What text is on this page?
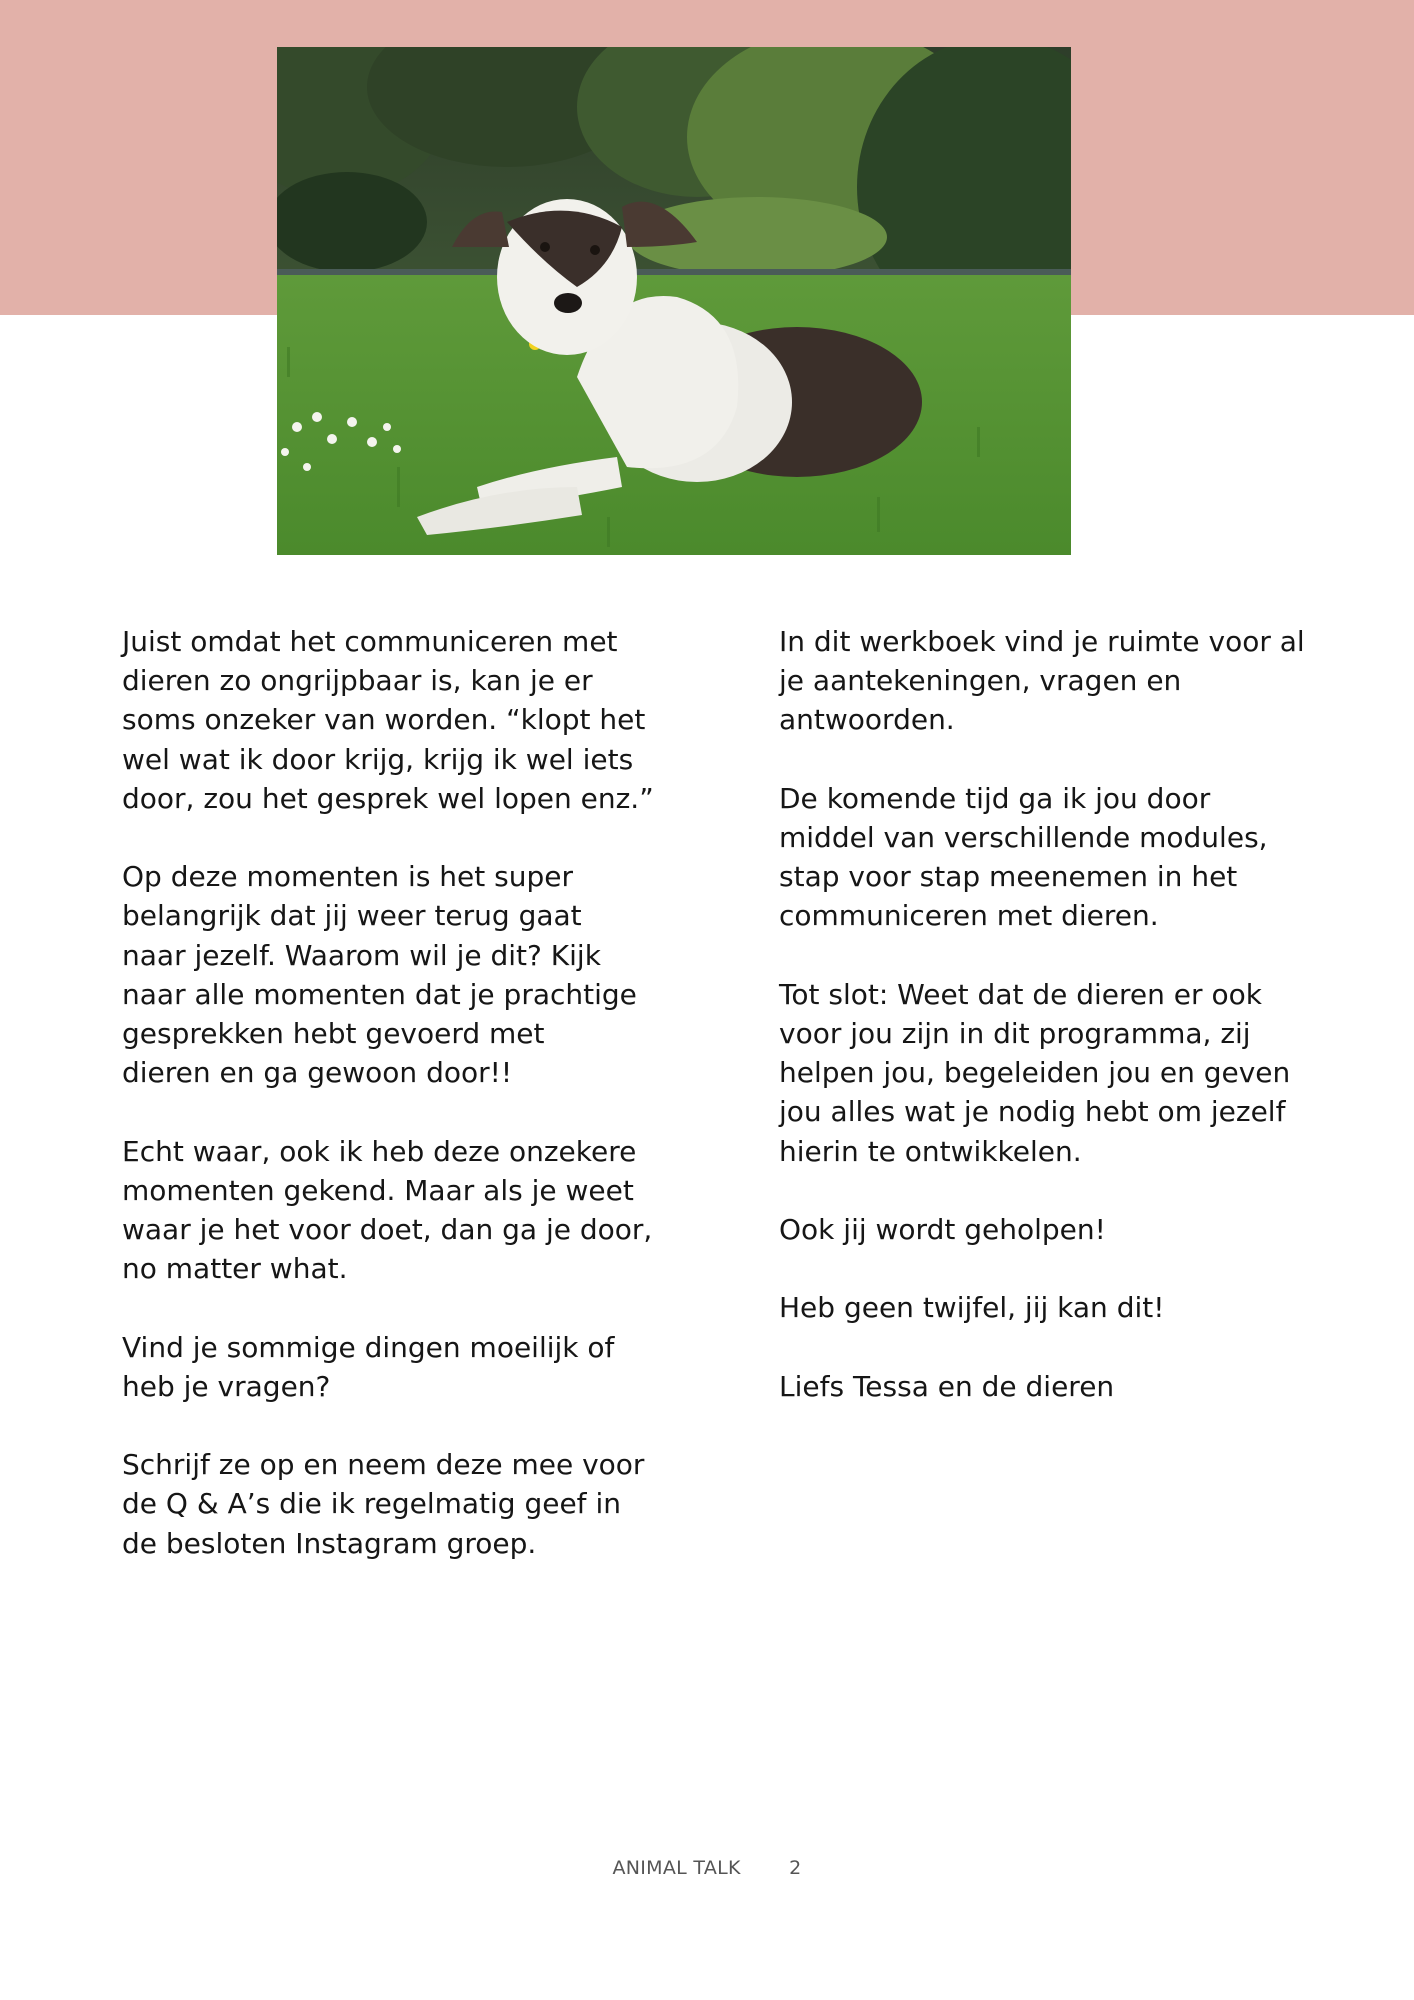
Juist omdat het communiceren met
dieren zo ongrijpbaar is, kan je er
soms onzeker van worden. “klopt het
wel wat ik door krijg, krijg ik wel iets
door, zou het gesprek wel lopen enz.”

Op deze momenten is het super
belangrijk dat jij weer terug gaat
naar jezelf. Waarom wil je dit? Kijk
naar alle momenten dat je prachtige
gesprekken hebt gevoerd met
dieren en ga gewoon door!!

Echt waar, ook ik heb deze onzekere
momenten gekend. Maar als je weet
waar je het voor doet, dan ga je door,
no matter what.

Vind je sommige dingen moeilijk of
heb je vragen?

Schrijf ze op en neem deze mee voor
de Q & A’s die ik regelmatig geef in
de besloten Instagram groep.

In dit werkboek vind je ruimte voor al
je aantekeningen, vragen en
antwoorden.

De komende tijd ga ik jou door
middel van verschillende modules,
stap voor stap meenemen in het
communiceren met dieren.

Tot slot: Weet dat de dieren er ook
voor jou zijn in dit programma, zij
helpen jou, begeleiden jou en geven
jou alles wat je nodig hebt om jezelf
hierin te ontwikkelen.

Ook jij wordt geholpen!

Heb geen twijfel, jij kan dit!

Liefs Tessa en de dieren

ANIMAL TALK	2
